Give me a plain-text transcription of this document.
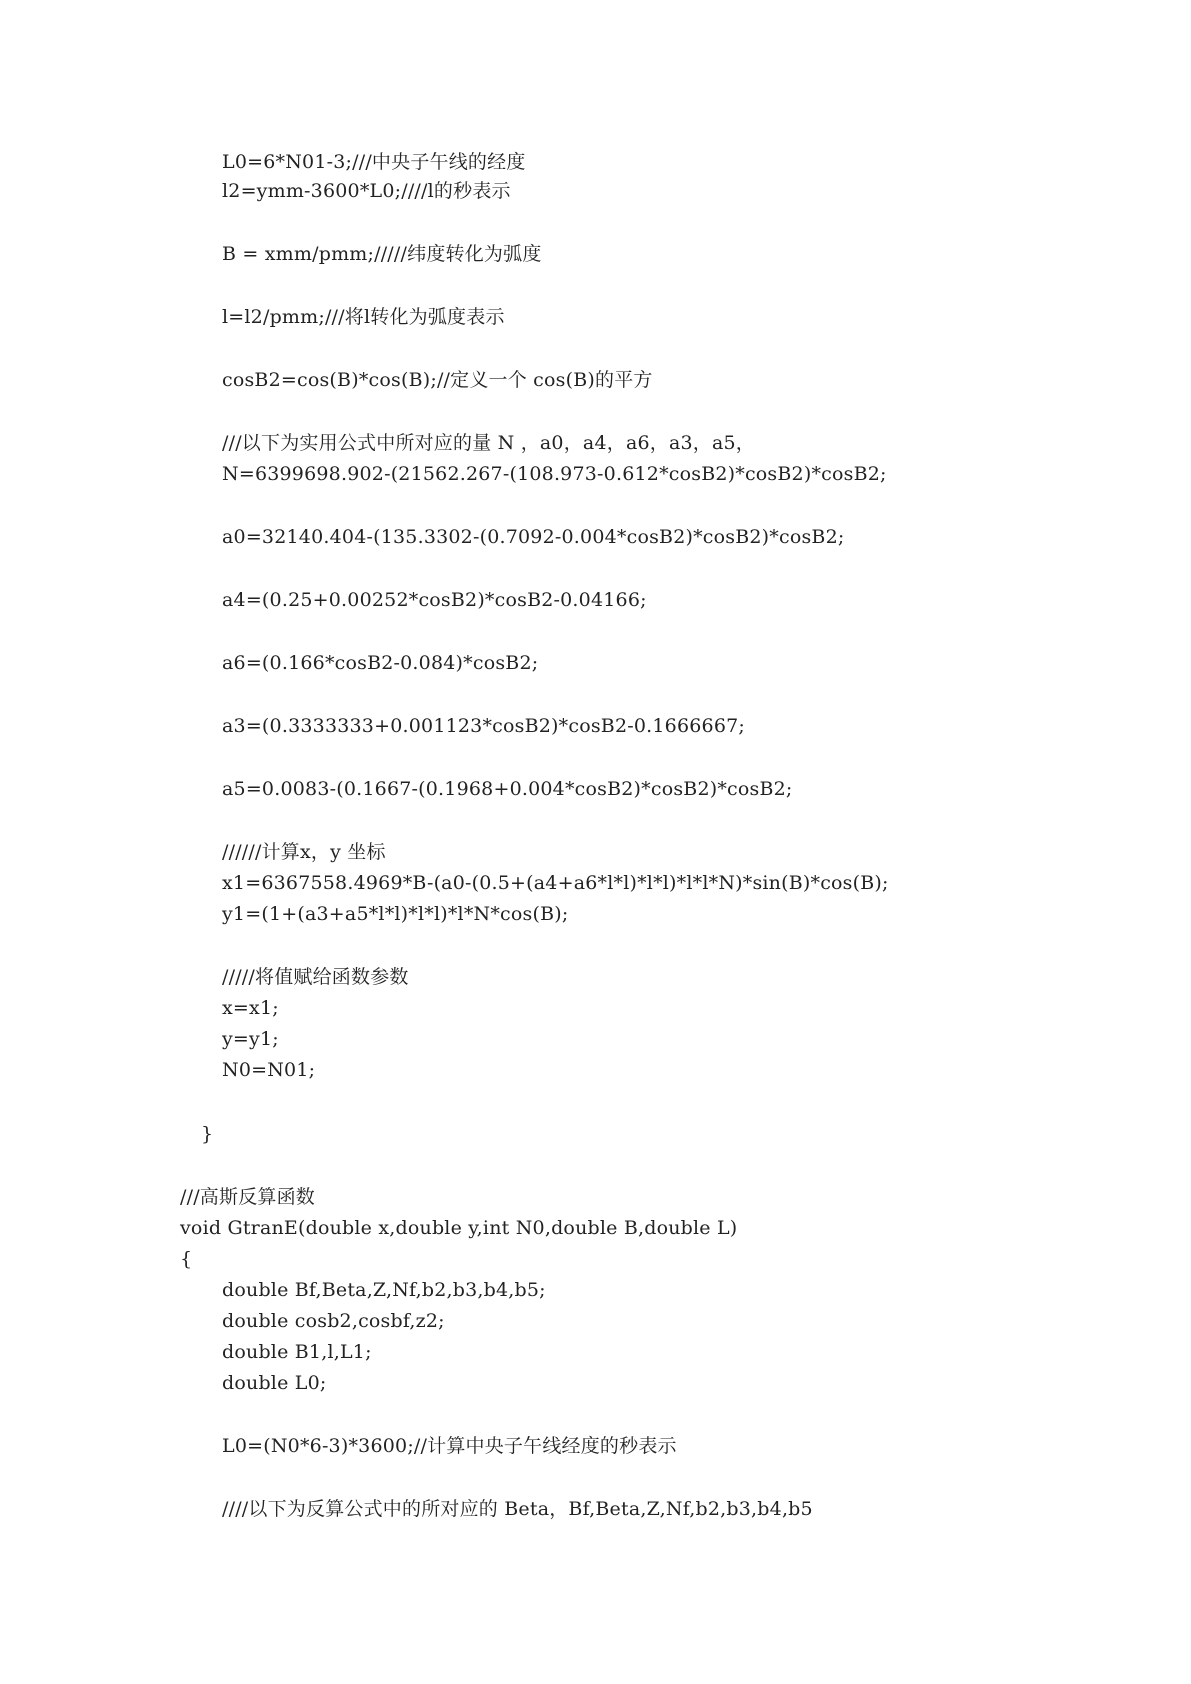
L0=6*N01-3;///中央子午线的经度
l2=ymm-3600*L0;////l的秒表示
B = xmm/pmm;/////纬度转化为弧度
l=l2/pmm;///将l转化为弧度表示
cosB2=cos(B)*cos(B);//定义一个 cos(B)的平方
///以下为实用公式中所对应的量 N ，a0，a4，a6，a3，a5，
N=6399698.902-(21562.267-(108.973-0.612*cosB2)*cosB2)*cosB2;
a0=32140.404-(135.3302-(0.7092-0.004*cosB2)*cosB2)*cosB2;
a4=(0.25+0.00252*cosB2)*cosB2-0.04166;
a6=(0.166*cosB2-0.084)*cosB2;
a3=(0.3333333+0.001123*cosB2)*cosB2-0.1666667;
a5=0.0083-(0.1667-(0.1968+0.004*cosB2)*cosB2)*cosB2;
//////计算x，y 坐标
x1=6367558.4969*B-(a0-(0.5+(a4+a6*l*l)*l*l)*l*l*N)*sin(B)*cos(B);
y1=(1+(a3+a5*l*l)*l*l)*l*N*cos(B);
/////将值赋给函数参数
x=x1;
y=y1;
N0=N01;
}
///高斯反算函数
void GtranE(double x,double y,int N0,double B,double L)
{
double Bf,Beta,Z,Nf,b2,b3,b4,b5;
double cosb2,cosbf,z2;
double B1,l,L1;
double L0;
L0=(N0*6-3)*3600;//计算中央子午线经度的秒表示
////以下为反算公式中的所对应的 Beta，Bf,Beta,Z,Nf,b2,b3,b4,b5
